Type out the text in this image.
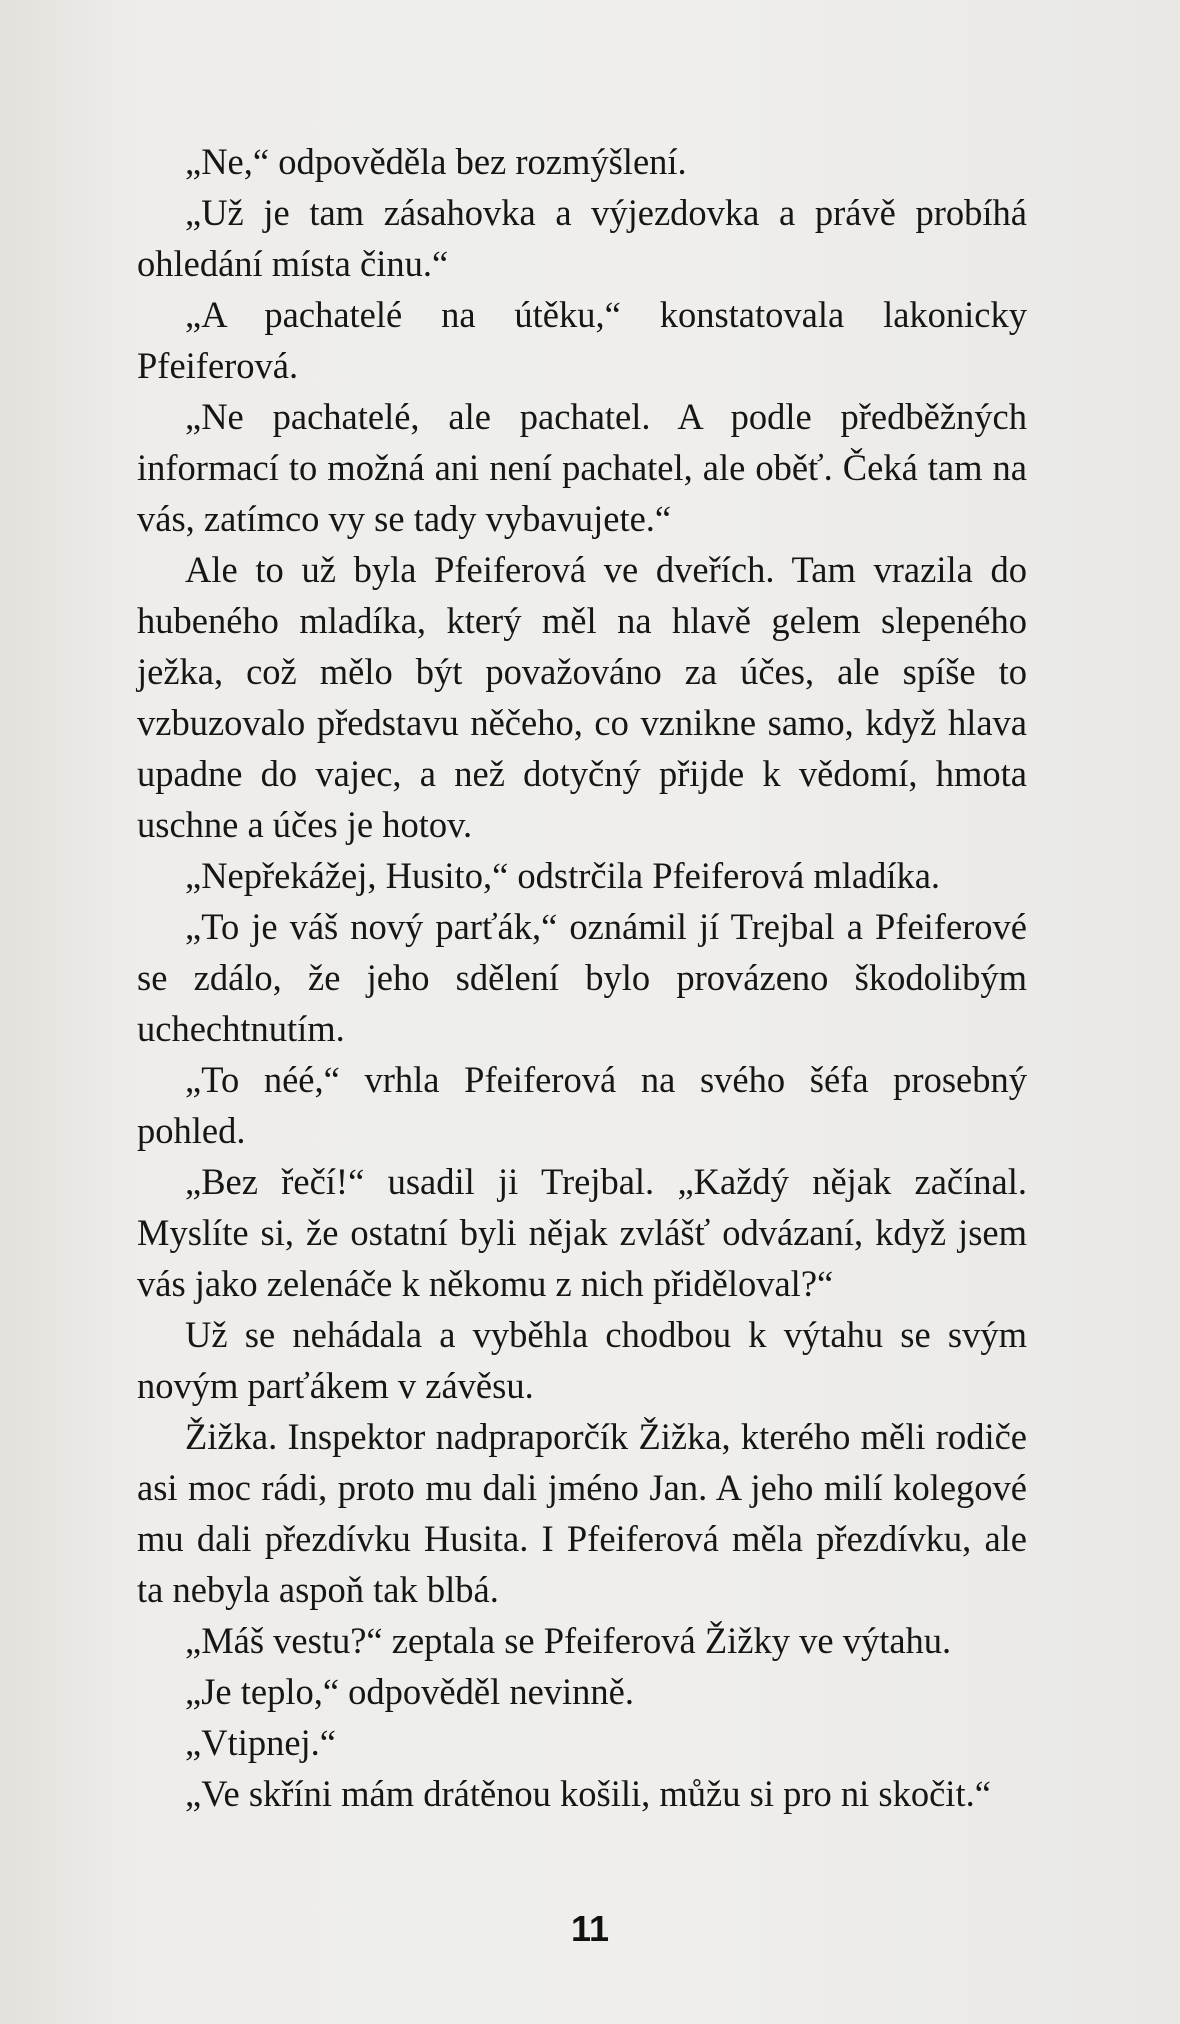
„Ne,“ odpověděla bez rozmýšlení.

„Už je tam zásahovka a výjezdovka a právě probíhá ohledání místa činu.“

„A pachatelé na útěku,“ konstatovala lakonicky Pfeiferová.

„Ne pachatelé, ale pachatel. A podle předběžných informací to možná ani není pachatel, ale oběť. Čeká tam na vás, zatímco vy se tady vybavujete.“

Ale to už byla Pfeiferová ve dveřích. Tam vrazila do hubeného mladíka, který měl na hlavě gelem slepeného ježka, což mělo být považováno za účes, ale spíše to vzbuzovalo představu něčeho, co vznikne samo, když hlava upadne do vajec, a než dotyčný přijde k vědomí, hmota uschne a účes je hotov.

„Nepřekážej, Husito,“ odstrčila Pfeiferová mladíka.

„To je váš nový parťák,“ oznámil jí Trejbal a Pfeiferové se zdálo, že jeho sdělení bylo provázeno škodolibým uchechtnutím.

„To néé,“ vrhla Pfeiferová na svého šéfa prosebný pohled.

„Bez řečí!“ usadil ji Trejbal. „Každý nějak začínal. Myslíte si, že ostatní byli nějak zvlášť odvázaní, když jsem vás jako zelenáče k někomu z nich přiděloval?“

Už se nehádala a vyběhla chodbou k výtahu se svým novým parťákem v závěsu.

Žižka. Inspektor nadpraporčík Žižka, kterého měli rodiče asi moc rádi, proto mu dali jméno Jan. A jeho milí kolegové mu dali přezdívku Husita. I Pfeiferová měla přezdívku, ale ta nebyla aspoň tak blbá.

„Máš vestu?“ zeptala se Pfeiferová Žižky ve výtahu.

„Je teplo,“ odpověděl nevinně.

„Vtipnej.“

„Ve skříni mám drátěnou košili, můžu si pro ni skočit.“

11
